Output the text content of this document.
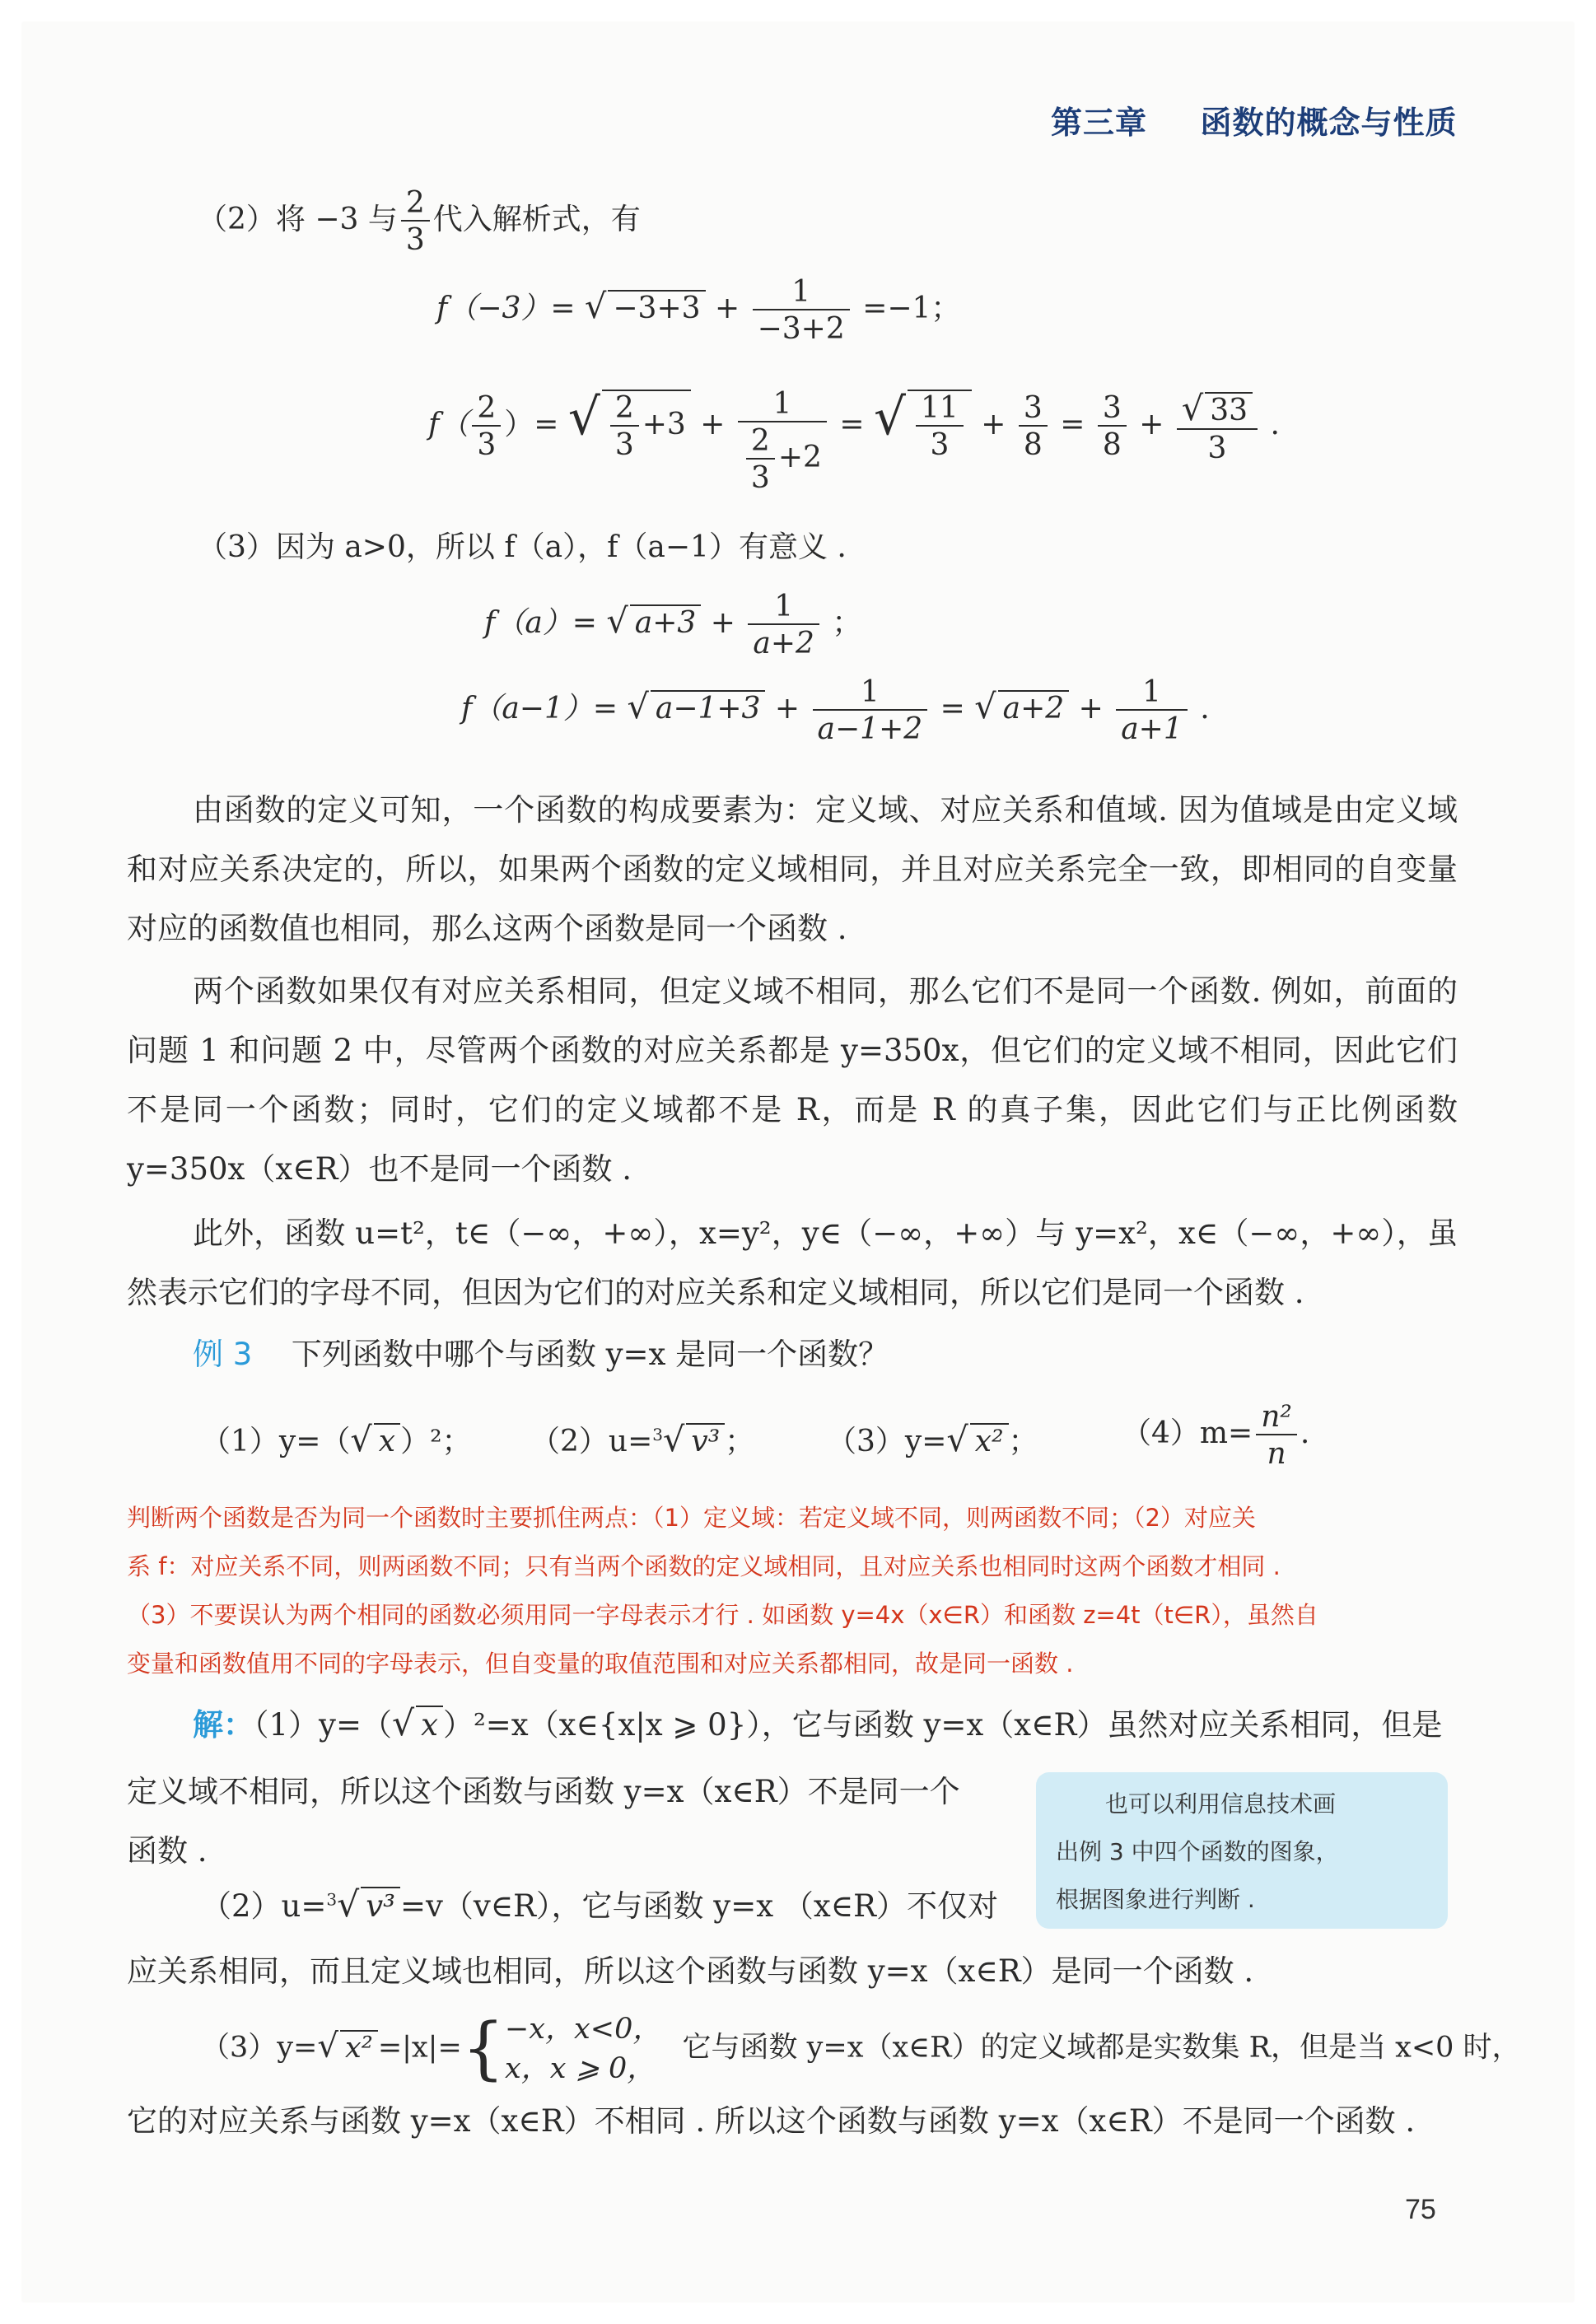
第三章 函数的概念与性质
（2）将 −3 与 $\frac{2}{3}$ 代入解析式，有
f（−3）= √ $-3+3 + \frac{1}{-3+2} =-1$；
$f( \frac{2}{3}$ ）= √ $\frac{2}{3} +3 + \frac{1}{\frac{2}{3} +2}$ = √ $\frac{11}{3} + \frac{3}{8} = \frac{3}{8} + \frac{√ 33}{3}$ .
（3）因为 a>0，所以 f（a），f（a−1）有意义 .
f（a）= √ $a+3 + \frac{1}{a+2}$ ；
f（a−1）= √ $a-1+3 + \frac{1}{a-1+2}$ = √ $a+2 + \frac{1}{a+1}$ .
由函数的定义可知，一个函数的构成要素为：定义域、对应关系和值域. 因为值域是由定义域和对应关系决定的，所以，如果两个函数的定义域相同，并且对应关系完全一致，即相同的自变量对应的函数值也相同，那么这两个函数是同一个函数 .
两个函数如果仅有对应关系相同，但定义域不相同，那么它们不是同一个函数. 例如，前面的问题 1 和问题 2 中，尽管两个函数的对应关系都是 y=350x，但它们的定义域不相同，因此它们不是同一个函数；同时，它们的定义域都不是 R，而是 R 的真子集，因此它们与正比例函数 y=350x（x∈R）也不是同一个函数 .
此外，函数 u=t²，t∈（−∞，+∞），x=y²，y∈（−∞，+∞）与 y=x²，x∈（−∞，+∞），虽然表示它们的字母不同，但因为它们的对应关系和定义域相同，所以它们是同一个函数 .
例 3 下列函数中哪个与函数 y=x 是同一个函数？
（1）y=（√ x ）²； （2）u=$^3$√ v³ ； （3）y=√ x² ；	$(4)m= \frac{\text{n²}}{n}$ .
判断两个函数是否为同一个函数时主要抓住两点：（1）定义域：若定义域不同，则两函数不同；（2）对应关
系 f：对应关系不同，则两函数不同；只有当两个函数的定义域相同，且对应关系也相同时这两个函数才相同 .
（3）不要误认为两个相同的函数必须用同一字母表示才行 . 如函数 y=4x（x∈R）和函数 z=4t（t∈R），虽然自
变量和函数值用不同的字母表示，但自变量的取值范围和对应关系都相同，故是同一函数 .
解：（1）y=（√ x ）²=x（x∈{x|x ⩾ 0}），它与函数 y=x（x∈R）虽然对应关系相同，但是
定义域不相同，所以这个函数与函数 y=x（x∈R）不是同一个
函数 .
（2）u=$^3$√ v³ =v（v∈R），它与函数 y=x （x∈R）不仅对
应关系相同，而且定义域也相同，所以这个函数与函数 y=x（x∈R）是同一个函数 .
（3）y=√ x² =|x|={ −x，x<0，
x，x ⩾ 0，
它与函数 y=x（x∈R）的定义域都是实数集 R，但是当 x<0 时，
它的对应关系与函数 y=x（x∈R）不相同 . 所以这个函数与函数 y=x（x∈R）不是同一个函数 .
也可以利用信息技术画
出例 3 中四个函数的图象，
根据图象进行判断 .
75
